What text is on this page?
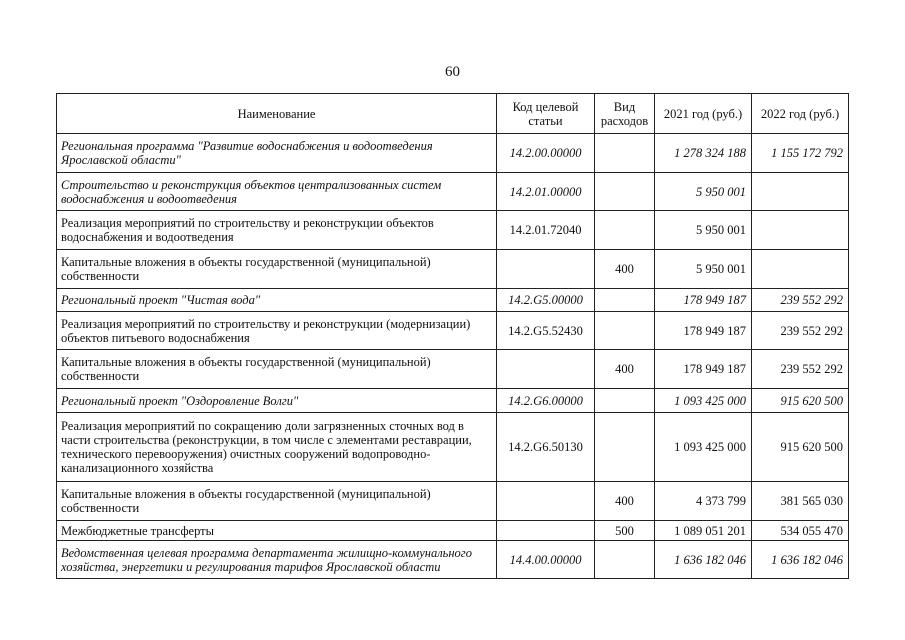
60
Наименование	Код целевой статьи	Вид расходов	2021 год (руб.)	2022 год (руб.)
Региональная программа "Развитие водоснабжения и водоотведения Ярославской области"	14.2.00.00000		1 278 324 188	1 155 172 792
Строительство и реконструкция объектов централизованных систем водоснабжения и водоотведения	14.2.01.00000		5 950 001	
Реализация мероприятий по строительству и реконструкции объектов водоснабжения и водоотведения	14.2.01.72040		5 950 001	
Капитальные вложения в объекты государственной (муниципальной) собственности		400	5 950 001	
Региональный проект "Чистая вода"	14.2.G5.00000		178 949 187	239 552 292
Реализация мероприятий по строительству и реконструкции (модернизации) объектов питьевого водоснабжения	14.2.G5.52430		178 949 187	239 552 292
Капитальные вложения в объекты государственной (муниципальной) собственности		400	178 949 187	239 552 292
Региональный проект "Оздоровление Волги"	14.2.G6.00000		1 093 425 000	915 620 500
Реализация мероприятий по сокращению доли загрязненных сточных вод в части строительства (реконструкции, в том числе с элементами реставрации, технического перевооружения) очистных сооружений водопроводно-канализационного хозяйства	14.2.G6.50130		1 093 425 000	915 620 500
Капитальные вложения в объекты государственной (муниципальной) собственности		400	4 373 799	381 565 030
Межбюджетные трансферты		500	1 089 051 201	534 055 470
Ведомственная целевая программа департамента жилищно-коммунального хозяйства, энергетики и регулирования тарифов Ярославской области	14.4.00.00000		1 636 182 046	1 636 182 046
